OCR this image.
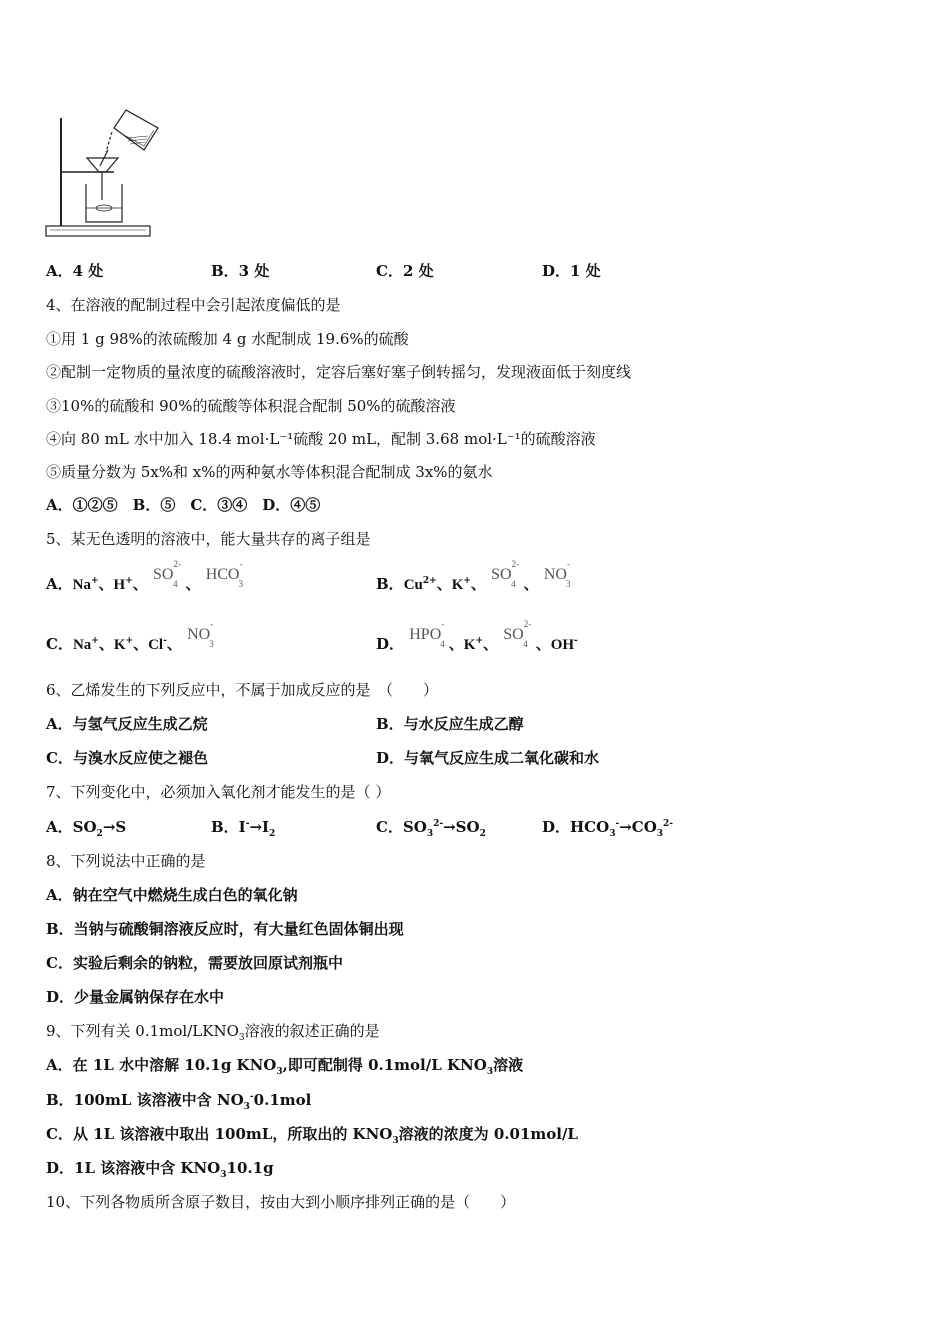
A．4 处	B．3 处	C．2 处	D．1 处
4、在溶液的配制过程中会引起浓度偏低的是
①用 1 g 98%的浓硫酸加 4 g 水配制成 19.6%的硫酸
②配制一定物质的量浓度的硫酸溶液时，定容后塞好塞子倒转摇匀，发现液面低于刻度线
③10%的硫酸和 90%的硫酸等体积混合配制 50%的硫酸溶液
④向 80 mL 水中加入 18.4 mol·L⁻¹硫酸 20 mL，配制 3.68 mol·L⁻¹的硫酸溶液
⑤质量分数为 5x%和 x%的两种氨水等体积混合配制成 3x%的氨水
A．①②⑤　B．⑤　C．③④　D．④⑤
5、某无色透明的溶液中，能大量共存的离子组是
A．Na+、H+、 $SO^{2-}_4$ 、 $HCO^-_3$	B．$Cu^{2+}$、K+、 $SO^{2-}_4$ 、 $NO^-_3$
C．Na+、K+、Cl-、 $NO^-_3$	D． $HPO^-_4$ 、K+、 $SO^{2-}_4$ 、OH-
6、乙烯发生的下列反应中，不属于加成反应的是　（　　）
A．与氢气反应生成乙烷	B．与水反应生成乙醇
C．与溴水反应使之褪色	D．与氧气反应生成二氧化碳和水
7、下列变化中，必须加入氧化剂才能发生的是（ ）
A．$SO_2\to S$	B．$I^-\to I_2$	C．$SO_3^{2-}\to SO_2$	D．$HCO_3^-\to CO_3^{2-}$
8、下列说法中正确的是
A．钠在空气中燃烧生成白色的氧化钠
B．当钠与硫酸铜溶液反应时，有大量红色固体铜出现
C．实验后剩余的钠粒，需要放回原试剂瓶中
D．少量金属钠保存在水中
9、下列有关 $0.1mol/LKNO_3$溶液的叙述正确的是
A．在 1L 水中溶解 10.1g $KNO_3$,即可配制得 0.1mol/L $KNO_3$溶液
B．100mL 该溶液中含 $NO_3^-0.1mol$
C．从 1L 该溶液中取出 100mL，所取出的 $KNO_3$溶液的浓度为 0.01mol/L
D．1L 该溶液中含 $KNO_310.1g$
10、下列各物质所含原子数目，按由大到小顺序排列正确的是（　　）
